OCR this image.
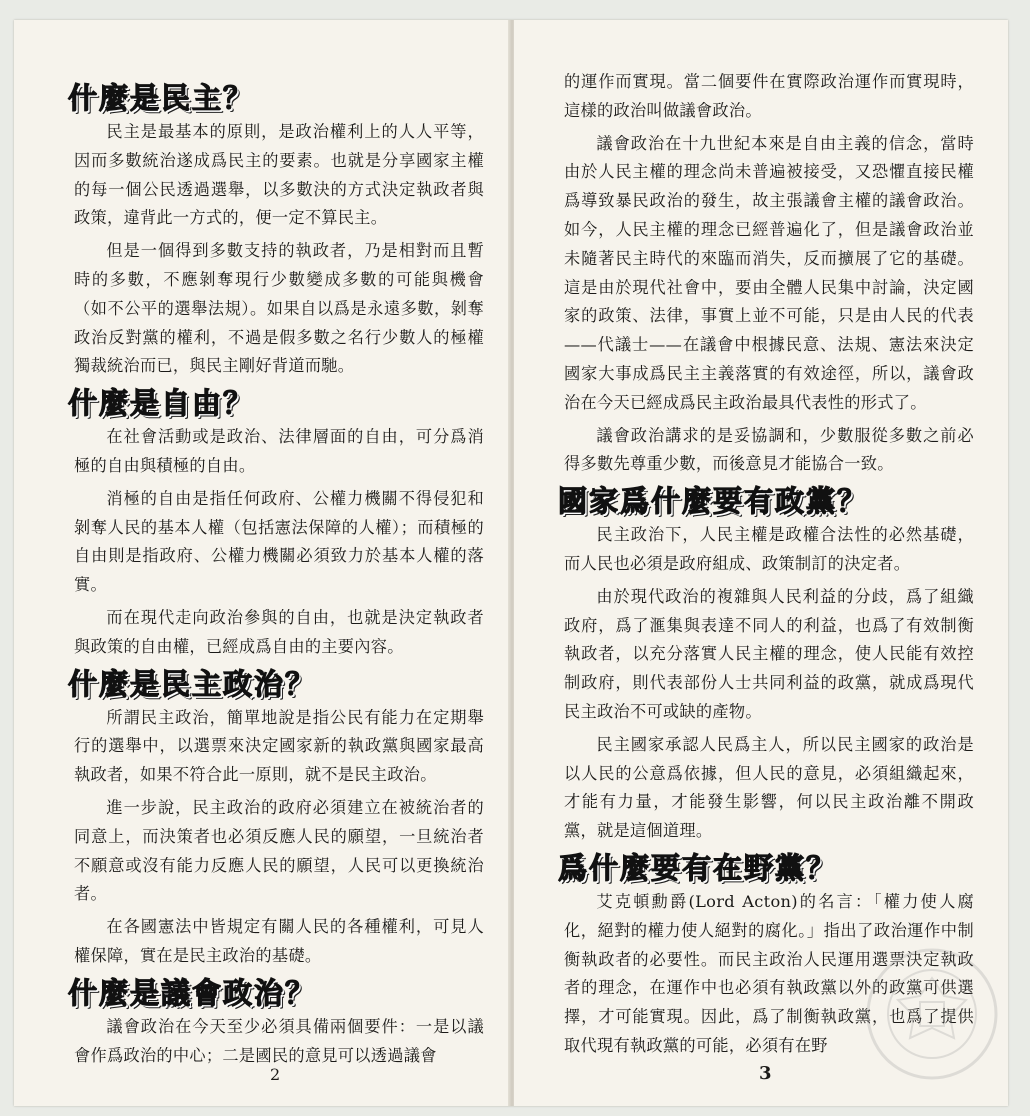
什麼是民主？

民主是最基本的原則，是政治權利上的人人平等，因而多數統治遂成爲民主的要素。也就是分享國家主權的每一個公民透過選舉，以多數決的方式決定執政者與政策，違背此一方式的，便一定不算民主。

但是一個得到多數支持的執政者，乃是相對而且暫時的多數，不應剝奪現行少數變成多數的可能與機會（如不公平的選舉法規）。如果自以爲是永遠多數，剝奪政治反對黨的權利，不過是假多數之名行少數人的極權獨裁統治而已，與民主剛好背道而馳。

什麼是自由？

在社會活動或是政治、法律層面的自由，可分爲消極的自由與積極的自由。

消極的自由是指任何政府、公權力機關不得侵犯和剝奪人民的基本人權（包括憲法保障的人權）；而積極的自由則是指政府、公權力機關必須致力於基本人權的落實。

而在現代走向政治參與的自由，也就是決定執政者與政策的自由權，已經成爲自由的主要內容。

什麼是民主政治？

所謂民主政治，簡單地說是指公民有能力在定期舉行的選舉中，以選票來決定國家新的執政黨與國家最高執政者，如果不符合此一原則，就不是民主政治。

進一步說，民主政治的政府必須建立在被統治者的同意上，而決策者也必須反應人民的願望，一旦統治者不願意或沒有能力反應人民的願望，人民可以更換統治者。

在各國憲法中皆規定有關人民的各種權利，可見人權保障，實在是民主政治的基礎。

什麼是議會政治？

議會政治在今天至少必須具備兩個要件：一是以議會作爲政治的中心；二是國民的意見可以透過議會

2

的運作而實現。當二個要件在實際政治運作而實現時，這樣的政治叫做議會政治。

議會政治在十九世紀本來是自由主義的信念，當時由於人民主權的理念尚未普遍被接受，又恐懼直接民權爲導致暴民政治的發生，故主張議會主權的議會政治。如今，人民主權的理念已經普遍化了，但是議會政治並未隨著民主時代的來臨而消失，反而擴展了它的基礎。這是由於現代社會中，要由全體人民集中討論，決定國家的政策、法律，事實上並不可能，只是由人民的代表——代議士——在議會中根據民意、法規、憲法來決定國家大事成爲民主主義落實的有效途徑，所以，議會政治在今天已經成爲民主政治最具代表性的形式了。

議會政治講求的是妥協調和，少數服從多數之前必得多數先尊重少數，而後意見才能協合一致。

國家爲什麼要有政黨？

民主政治下，人民主權是政權合法性的必然基礎，而人民也必須是政府組成、政策制訂的決定者。

由於現代政治的複雜與人民利益的分歧，爲了組織政府，爲了滙集與表達不同人的利益，也爲了有效制衡執政者，以充分落實人民主權的理念，使人民能有效控制政府，則代表部份人士共同利益的政黨，就成爲現代民主政治不可或缺的產物。

民主國家承認人民爲主人，所以民主國家的政治是以人民的公意爲依據，但人民的意見，必須組織起來，才能有力量，才能發生影響，何以民主政治離不開政黨，就是這個道理。

爲什麼要有在野黨？

艾克頓勳爵(Lord Acton)的名言：「權力使人腐化，絕對的權力使人絕對的腐化。」指出了政治運作中制衡執政者的必要性。而民主政治人民運用選票決定執政者的理念，在運作中也必須有執政黨以外的政黨可供選擇，才可能實現。因此，爲了制衡執政黨，也爲了提供取代現有執政黨的可能，必須有在野

3
